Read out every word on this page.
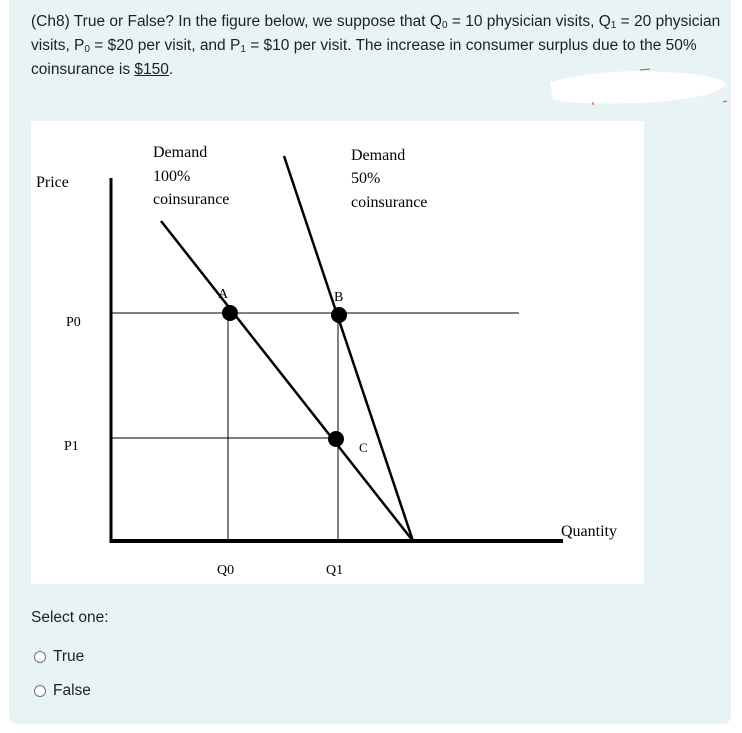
(Ch8) True or False? In the figure below, we suppose that $Q_0 = 10$ physician visits, $Q_1 = 20$ physician visits, $P_0$ = $20 per visit, and $P_1$ = $10 per visit. The increase in consumer surplus due to the 50% coinsurance is $150.
Price
Quantity
P0
P1
Q0	Q1
Demand
100%
coinsurance
Demand
50%
coinsurance
A	B
C
Select one:
True
False
